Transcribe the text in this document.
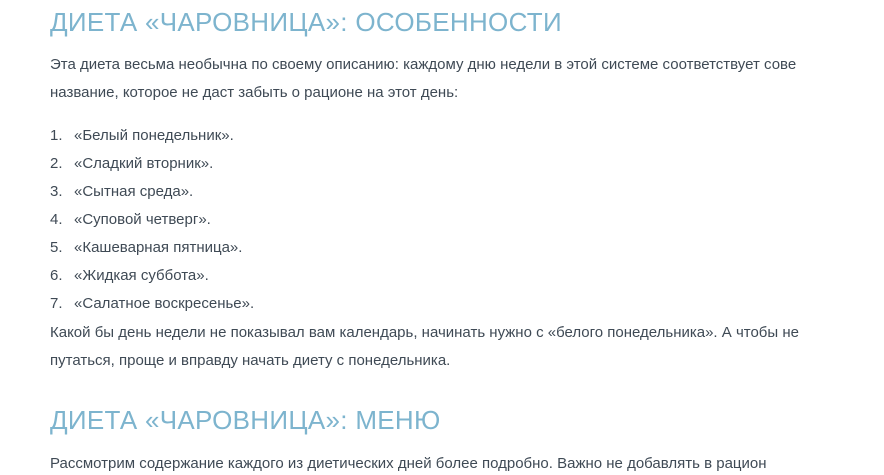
ДИЕТА «ЧАРОВНИЦА»: ОСОБЕННОСТИ

Эта диета весьма необычна по своему описанию: каждому дню недели в этой системе соответствует сове
название, которое не даст забыть о рационе на этот день:

1. «Белый понедельник».
2. «Сладкий вторник».
3. «Сытная среда».
4. «Суповой четверг».
5. «Кашеварная пятница».
6. «Жидкая суббота».
7. «Салатное воскресенье».

Какой бы день недели не показывал вам календарь, начинать нужно с «белого понедельника». А чтобы не
путаться, проще и вправду начать диету с понедельника.

ДИЕТА «ЧАРОВНИЦА»: МЕНЮ

Рассмотрим содержание каждого из диетических дней более подробно. Важно не добавлять в рацион
